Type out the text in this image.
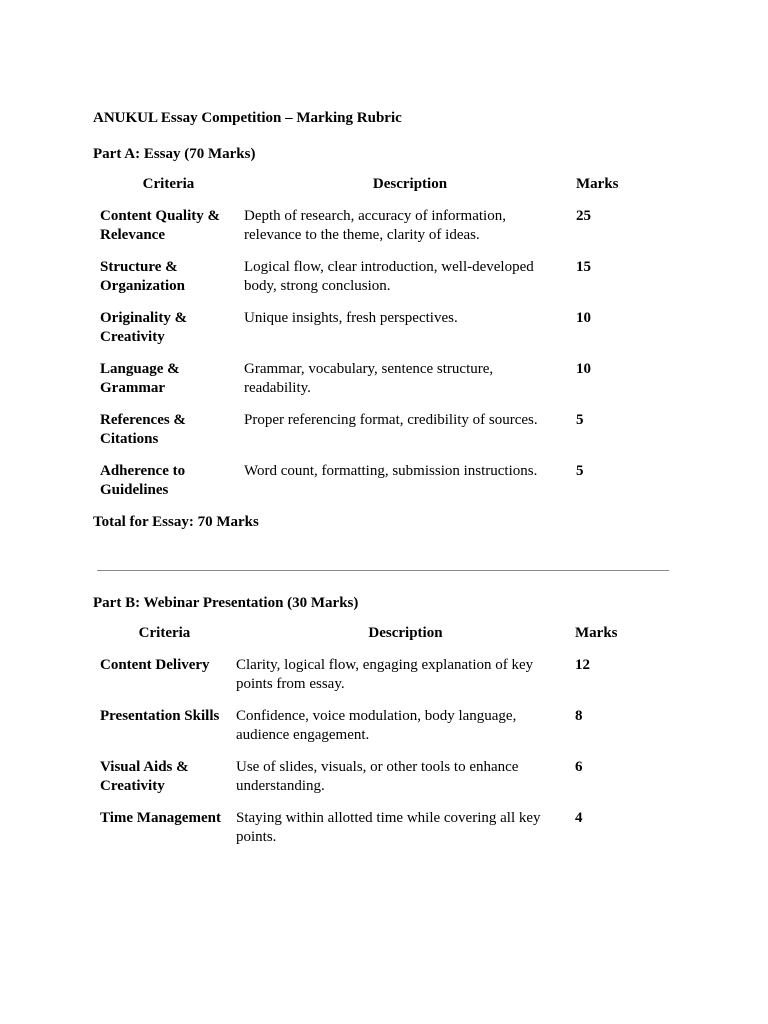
ANUKUL Essay Competition – Marking Rubric

Part A: Essay (70 Marks)

Criteria	Description	Marks
Content Quality &
Relevance	Depth of research, accuracy of information,
relevance to the theme, clarity of ideas.	25
Structure &
Organization	Logical flow, clear introduction, well-developed
body, strong conclusion.	15
Originality &
Creativity	Unique insights, fresh perspectives.	10
Language &
Grammar	Grammar, vocabulary, sentence structure,
readability.	10
References &
Citations	Proper referencing format, credibility of sources.	5
Adherence to
Guidelines	Word count, formatting, submission instructions.	5

Total for Essay: 70 Marks

Part B: Webinar Presentation (30 Marks)

Criteria	Description	Marks
Content Delivery	Clarity, logical flow, engaging explanation of key
points from essay.	12
Presentation Skills	Confidence, voice modulation, body language,
audience engagement.	8
Visual Aids &
Creativity	Use of slides, visuals, or other tools to enhance
understanding.	6
Time Management	Staying within allotted time while covering all key
points.	4
